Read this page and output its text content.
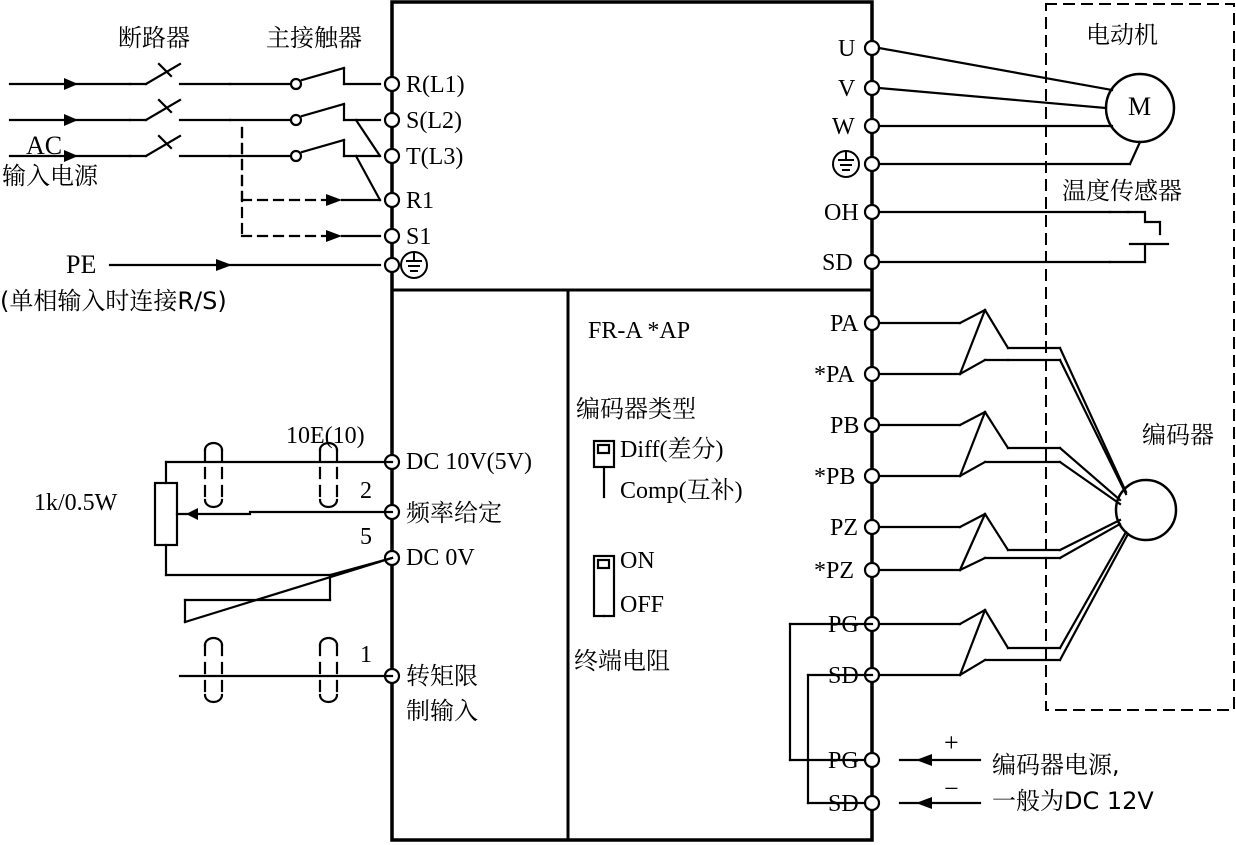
断路器	主接触器
AC
输入电源
PE
(单相输入时连接R/S)
R(L1)
S(L2)
T(L3)
R1
S1
10E(10)
2
5
1
1k/0.5W
DC 10V(5V)
频率给定
DC 0V
转矩限
制输入
FR-A *AP
编码器类型
Diff(差分)
Comp(互补)
ON
OFF
终端电阻
U
V
W
OH
SD
PA
*PA
PB
*PB
PZ
*PZ
PG
SD
PG
SD
电动机
M
温度传感器
编码器
编码器电源,
一般为DC 12V
+
−
